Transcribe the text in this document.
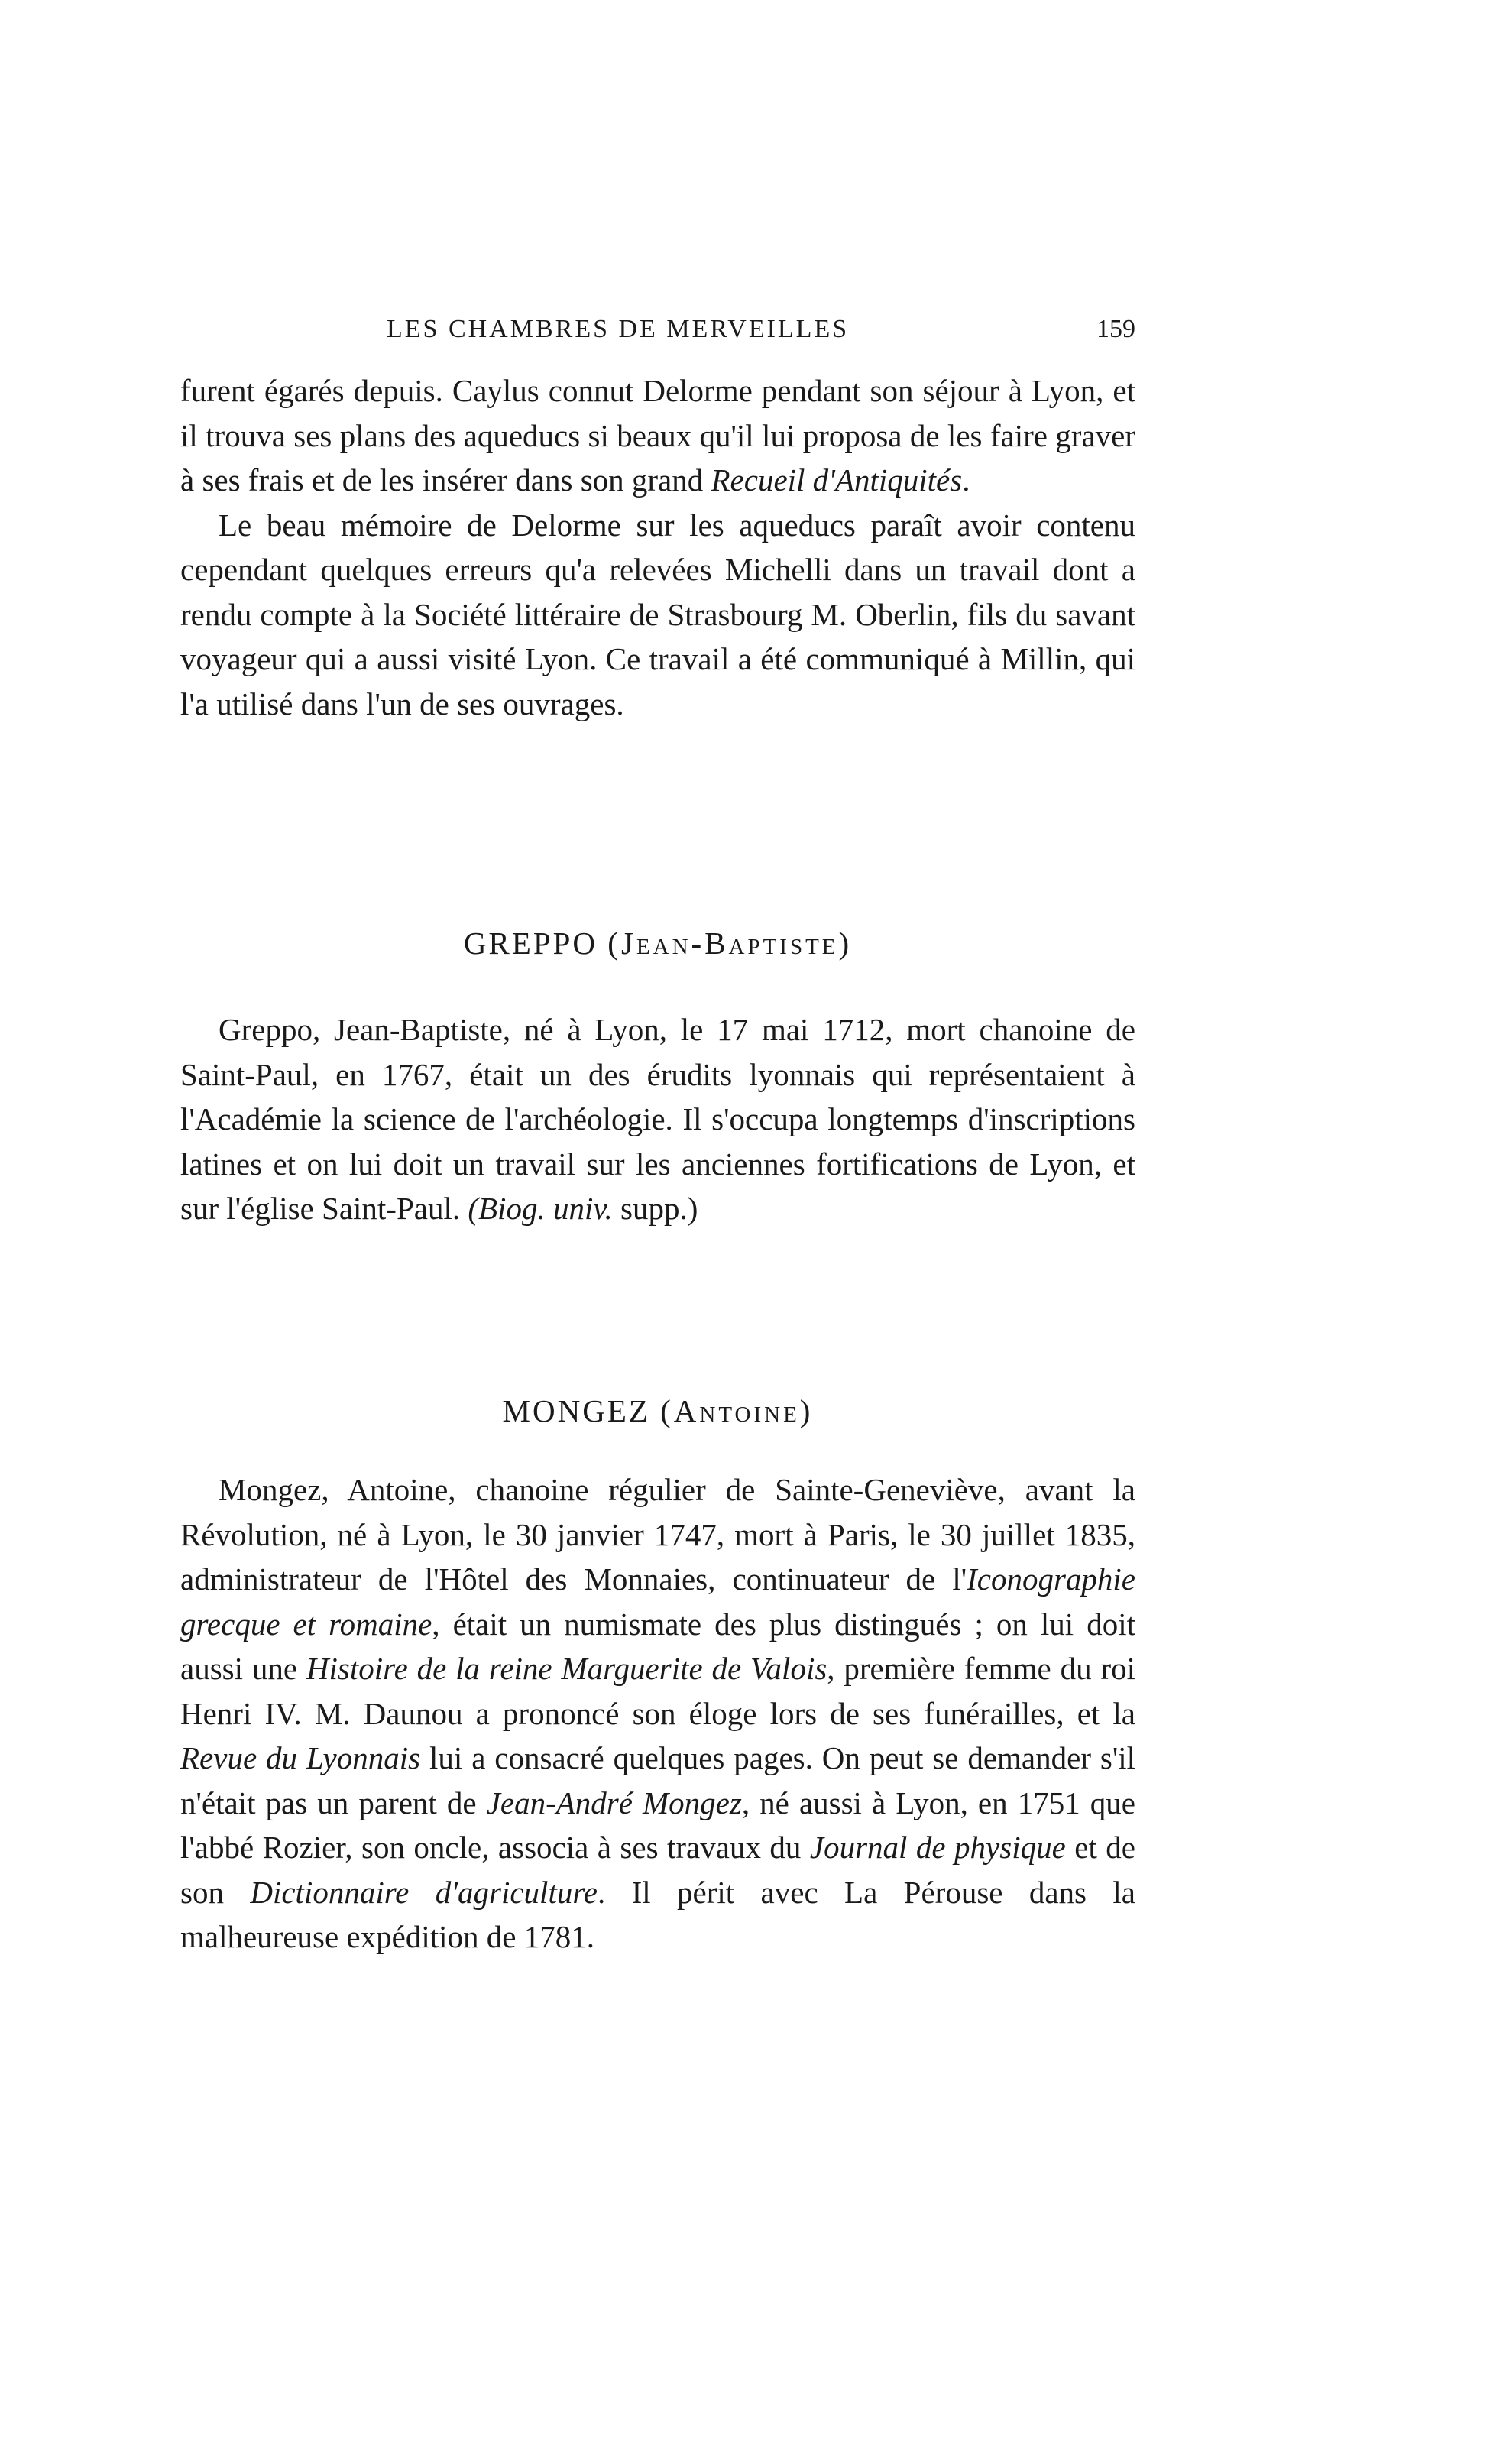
LES CHAMBRES DE MERVEILLES	159

furent égarés depuis. Caylus connut Delorme pendant son séjour à Lyon, et il trouva ses plans des aqueducs si beaux qu'il lui proposa de les faire graver à ses frais et de les insérer dans son grand Recueil d'Antiquités.

Le beau mémoire de Delorme sur les aqueducs paraît avoir contenu cependant quelques erreurs qu'a relevées Michelli dans un travail dont a rendu compte à la Société littéraire de Strasbourg M. Oberlin, fils du savant voyageur qui a aussi visité Lyon. Ce travail a été communiqué à Millin, qui l'a utilisé dans l'un de ses ouvrages.

GREPPO (Jean-Baptiste)

Greppo, Jean-Baptiste, né à Lyon, le 17 mai 1712, mort chanoine de Saint-Paul, en 1767, était un des érudits lyonnais qui représentaient à l'Académie la science de l'archéologie. Il s'occupa longtemps d'inscriptions latines et on lui doit un travail sur les anciennes fortifications de Lyon, et sur l'église Saint-Paul. (Biog. univ. supp.)

MONGEZ (Antoine)

Mongez, Antoine, chanoine régulier de Sainte-Geneviève, avant la Révolution, né à Lyon, le 30 janvier 1747, mort à Paris, le 30 juillet 1835, administrateur de l'Hôtel des Monnaies, continuateur de l'Iconographie grecque et romaine, était un numismate des plus distingués ; on lui doit aussi une Histoire de la reine Marguerite de Valois, première femme du roi Henri IV. M. Daunou a prononcé son éloge lors de ses funérailles, et la Revue du Lyonnais lui a consacré quelques pages. On peut se demander s'il n'était pas un parent de Jean-André Mongez, né aussi à Lyon, en 1751 que l'abbé Rozier, son oncle, associa à ses travaux du Journal de physique et de son Dictionnaire d'agriculture. Il périt avec La Pérouse dans la malheureuse expédition de 1781.
